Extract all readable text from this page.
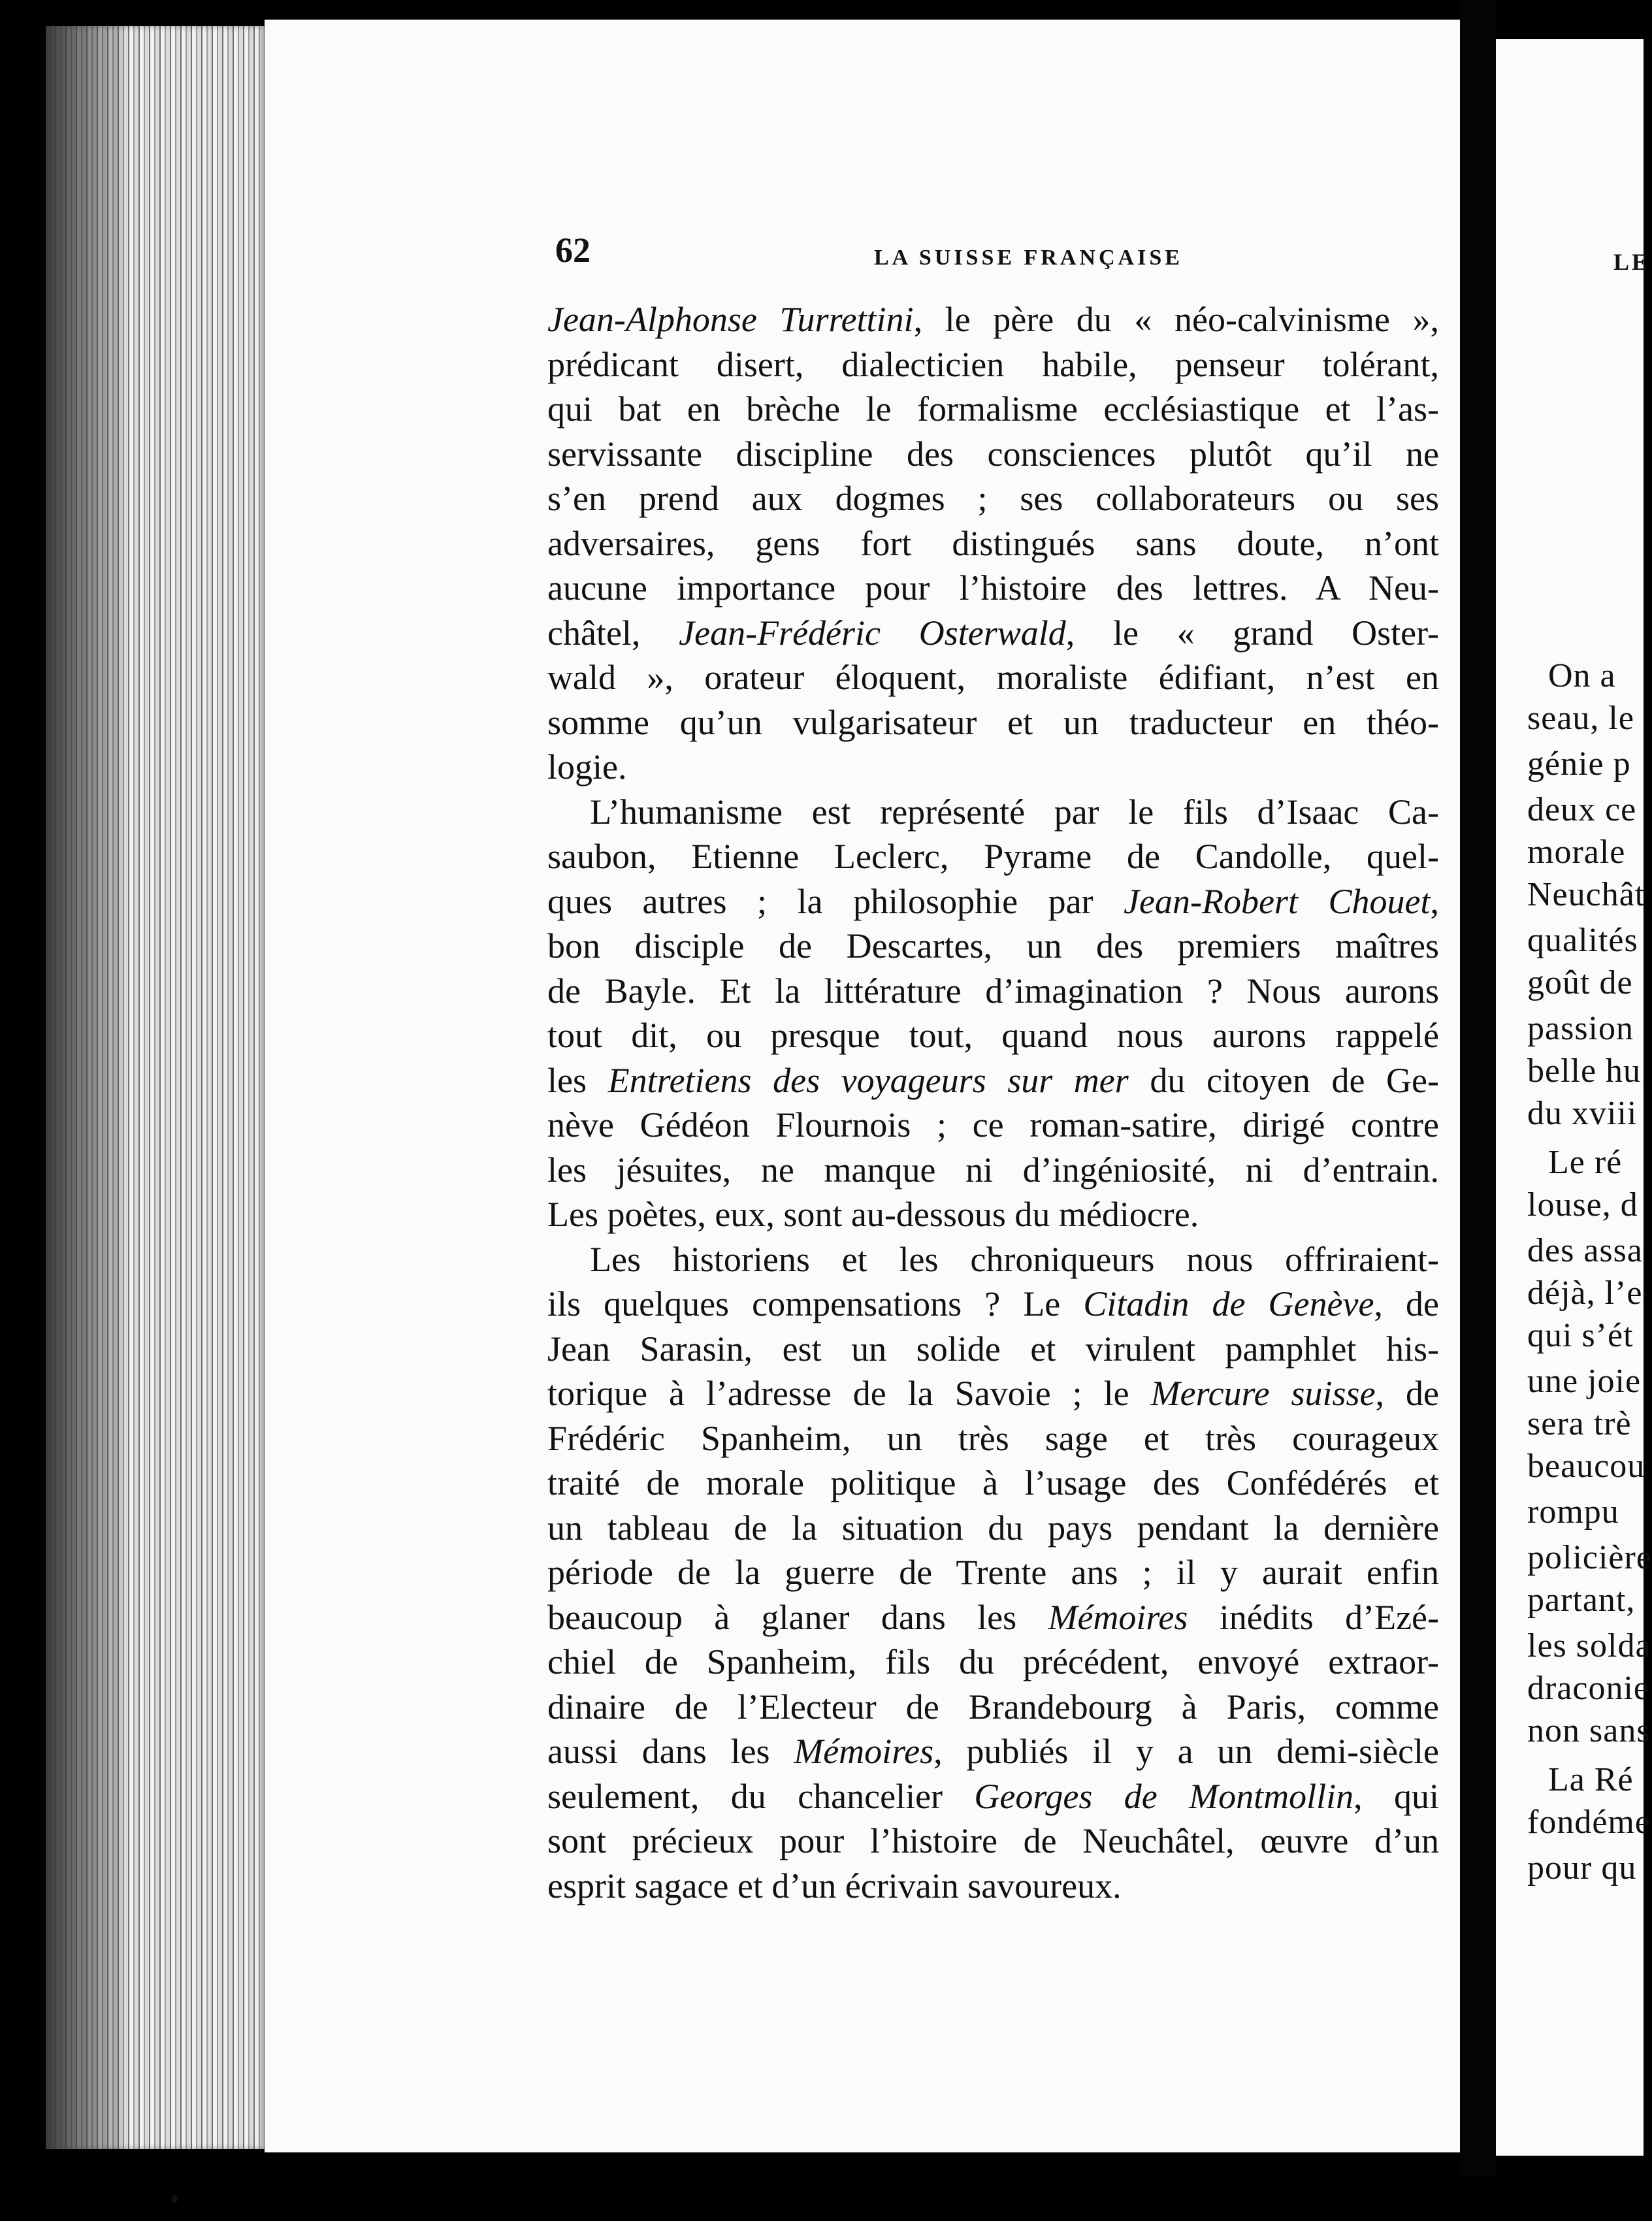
LE
On a
seau, le
génie p
deux ce
morale
Neuchât
qualités
goût de
passion
belle hu
du xviii
Le ré
louse, d
des assa
déjà, l’e
qui s’ét
une joie
sera trè
beaucou
rompu
policière
partant,
les solda
draconie
non sans
La Ré
fondéme
pour qu
62	LA SUISSE FRANÇAISE
Jean-Alphonse Turrettini, le père du « néo-calvinisme »,
prédicant disert, dialecticien habile, penseur tolérant,
qui bat en brèche le formalisme ecclésiastique et l’as-
servissante discipline des consciences plutôt qu’il ne
s’en prend aux dogmes ; ses collaborateurs ou ses
adversaires, gens fort distingués sans doute, n’ont
aucune importance pour l’histoire des lettres. A Neu-
châtel, Jean-Frédéric Osterwald, le « grand Oster-
wald », orateur éloquent, moraliste édifiant, n’est en
somme qu’un vulgarisateur et un traducteur en théo-
logie.
L’humanisme est représenté par le fils d’Isaac Ca-
saubon, Etienne Leclerc, Pyrame de Candolle, quel-
ques autres ; la philosophie par Jean-Robert Chouet,
bon disciple de Descartes, un des premiers maîtres
de Bayle. Et la littérature d’imagination ? Nous aurons
tout dit, ou presque tout, quand nous aurons rappelé
les Entretiens des voyageurs sur mer du citoyen de Ge-
nève Gédéon Flournois ; ce roman-satire, dirigé contre
les jésuites, ne manque ni d’ingéniosité, ni d’entrain.
Les poètes, eux, sont au-dessous du médiocre.
Les historiens et les chroniqueurs nous offriraient-
ils quelques compensations ? Le Citadin de Genève, de
Jean Sarasin, est un solide et virulent pamphlet his-
torique à l’adresse de la Savoie ; le Mercure suisse, de
Frédéric Spanheim, un très sage et très courageux
traité de morale politique à l’usage des Confédérés et
un tableau de la situation du pays pendant la dernière
période de la guerre de Trente ans ; il y aurait enfin
beaucoup à glaner dans les Mémoires inédits d’Ezé-
chiel de Spanheim, fils du précédent, envoyé extraor-
dinaire de l’Electeur de Brandebourg à Paris, comme
aussi dans les Mémoires, publiés il y a un demi-siècle
seulement, du chancelier Georges de Montmollin, qui
sont précieux pour l’histoire de Neuchâtel, œuvre d’un
esprit sagace et d’un écrivain savoureux.
